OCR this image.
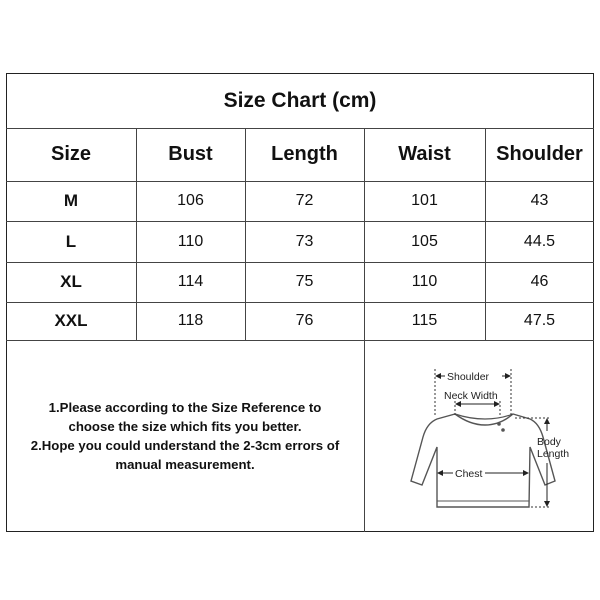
Size Chart (cm)
Size	Bust	Length	Waist	Shoulder
M	106	72	101	43
L	110	73	105	44.5
XL	114	75	110	46
XXL	118	76	115	47.5
1.Please according to the Size Reference to
choose the size which fits you better.
2.Hope you could understand the 2-3cm errors of
manual measurement.
Shoulder
Neck Width
Chest
Body
Length
